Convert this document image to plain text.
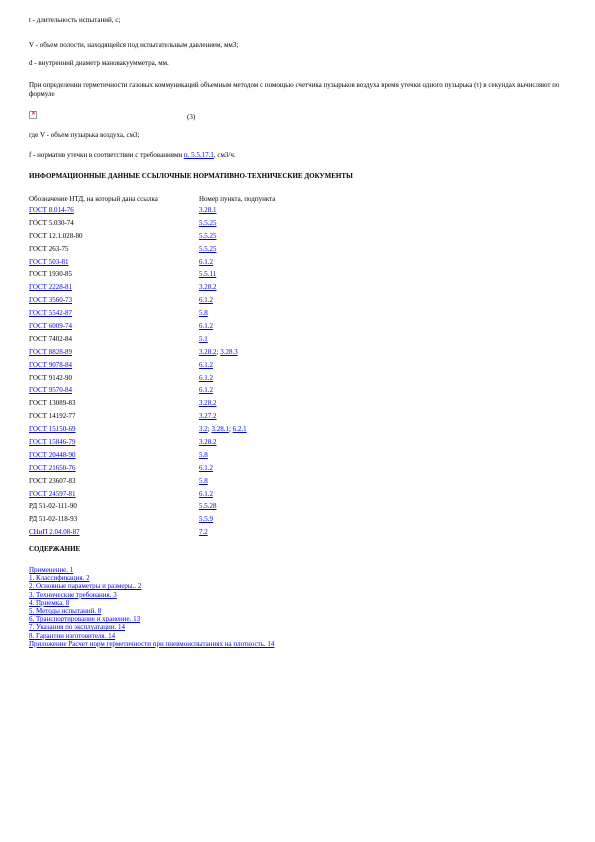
t - длительность испытаний, с;
V - объем полости, находящейся под испытательным давлением, мм3;
d - внутренний диаметр мановакуумметра, мм.
При определении герметичности газовых коммуникаций объемным методом с помощью счетчика пузырьков воздуха время утечки одного пузырька (τ) в секундах вычисляют по формуле
✕	(3)
где V - объем пузырька воздуха, см3;
f - норматив утечки в соответствии с требованиями п. 5.5.17.1, см3/ч.
ИНФОРМАЦИОННЫЕ ДАННЫЕ ССЫЛОЧНЫЕ НОРМАТИВНО-ТЕХНИЧЕСКИЕ ДОКУМЕНТЫ
Обозначение НТД, на который дана ссылка	Номер пункта, подпункта
ГОСТ 8.014-76	3.28.1
ГОСТ 5.030-74	5.5.25
ГОСТ 12.1.028-80	5.5.25
ГОСТ 263-75	5.5.25
ГОСТ 503-81	6.1.2
ГОСТ 1930-85	5.5.11
ГОСТ 2228-81	3.28.2
ГОСТ 3560-73	6.1.2
ГОСТ 5542-87	5.8
ГОСТ 6009-74	6.1.2
ГОСТ 7402-84	5.1
ГОСТ 8828-89	3.28.2; 3.28.3
ГОСТ 9078-84	6.1.2
ГОСТ 9142-90	6.1.2
ГОСТ 9570-84	6.1.2
ГОСТ 13089-83	3.28.2
ГОСТ 14192-77	3.27.2
ГОСТ 15150-69	3.2; 3.28.1; 6.2.1
ГОСТ 15846-79	3.28.2
ГОСТ 20448-90	5.8
ГОСТ 21650-76	6.1.2
ГОСТ 23607-83	5.8
ГОСТ 24597-81	6.1.2
РД 51-02-111-90	5.5.28
РД 51-02-118-93	5.5.9
СНиП 2.04.08-87	7.2
СОДЕРЖАНИЕ
Применение. 1
1. Классификация. 2
2. Основные параметры и размеры.. 2
3. Технические требования. 3
4. Приемка. 8
5. Методы испытаний. 8
6. Транспортирование и хранение. 13
7. Указания по эксплуатации. 14
8. Гарантии изготовителя. 14
Приложение Расчет норм герметичности при пневмоиспытаниях на плотность. 14
